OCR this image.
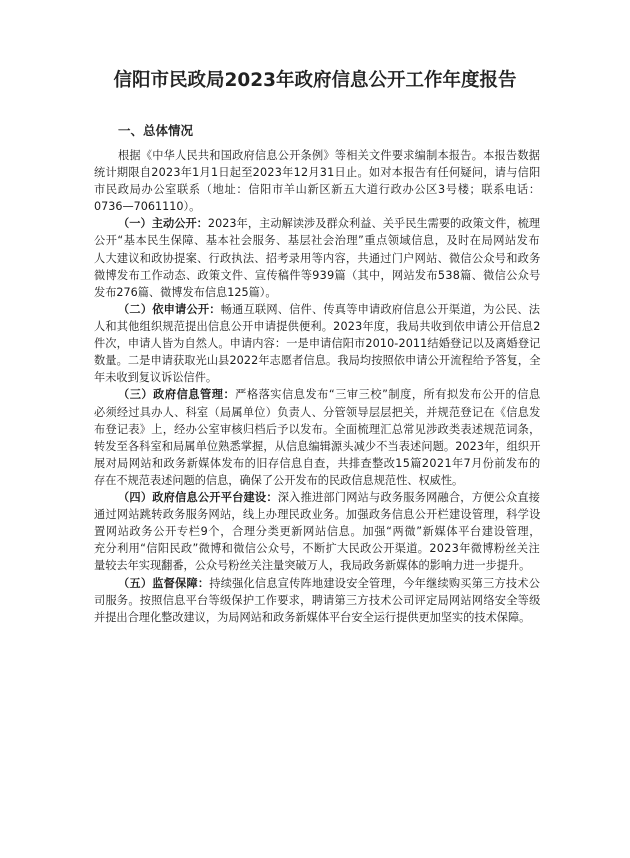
信阳市民政局2023年政府信息公开工作年度报告
一、总体情况
根据《中华人民共和国政府信息公开条例》等相关文件要求编制本报告。本报告数据
统计期限自2023年1月1日起至2023年12月31日止。如对本报告有任何疑问，请与信阳
市民政局办公室联系（地址：信阳市羊山新区新五大道行政办公区3号楼；联系电话：
0736—7061110）。
（一）主动公开：2023年，主动解读涉及群众利益、关乎民生需要的政策文件，梳理
公开“基本民生保障、基本社会服务、基层社会治理”重点领域信息，及时在局网站发布
人大建议和政协提案、行政执法、招考录用等内容，共通过门户网站、微信公众号和政务
微博发布工作动态、政策文件、宣传稿件等939篇（其中，网站发布538篇、微信公众号
发布276篇、微博发布信息125篇）。
（二）依申请公开：畅通互联网、信件、传真等申请政府信息公开渠道，为公民、法
人和其他组织规范提出信息公开申请提供便利。2023年度，我局共收到依申请公开信息2
件次，申请人皆为自然人。申请内容：一是申请信阳市2010-2011结婚登记以及离婚登记
数量。二是申请获取光山县2022年志愿者信息。我局均按照依申请公开流程给予答复，全
年未收到复议诉讼信件。
（三）政府信息管理：严格落实信息发布“三审三校”制度，所有拟发布公开的信息
必须经过具办人、科室（局属单位）负责人、分管领导层层把关，并规范登记在《信息发
布登记表》上，经办公室审核归档后予以发布。全面梳理汇总常见涉政类表述规范词条，
转发至各科室和局属单位熟悉掌握，从信息编辑源头减少不当表述问题。2023年，组织开
展对局网站和政务新媒体发布的旧存信息自查，共排查整改15篇2021年7月份前发布的
存在不规范表述问题的信息，确保了公开发布的民政信息规范性、权威性。
（四）政府信息公开平台建设：深入推进部门网站与政务服务网融合，方便公众直接
通过网站跳转政务服务网站，线上办理民政业务。加强政务信息公开栏建设管理，科学设
置网站政务公开专栏9个，合理分类更新网站信息。加强“两微”新媒体平台建设管理，
充分利用“信阳民政”微博和微信公众号，不断扩大民政公开渠道。2023年微博粉丝关注
量较去年实现翻番，公众号粉丝关注量突破万人，我局政务新媒体的影响力进一步提升。
（五）监督保障：持续强化信息宣传阵地建设安全管理，今年继续购买第三方技术公
司服务。按照信息平台等级保护工作要求，聘请第三方技术公司评定局网站网络安全等级
并提出合理化整改建议，为局网站和政务新媒体平台安全运行提供更加坚实的技术保障。
